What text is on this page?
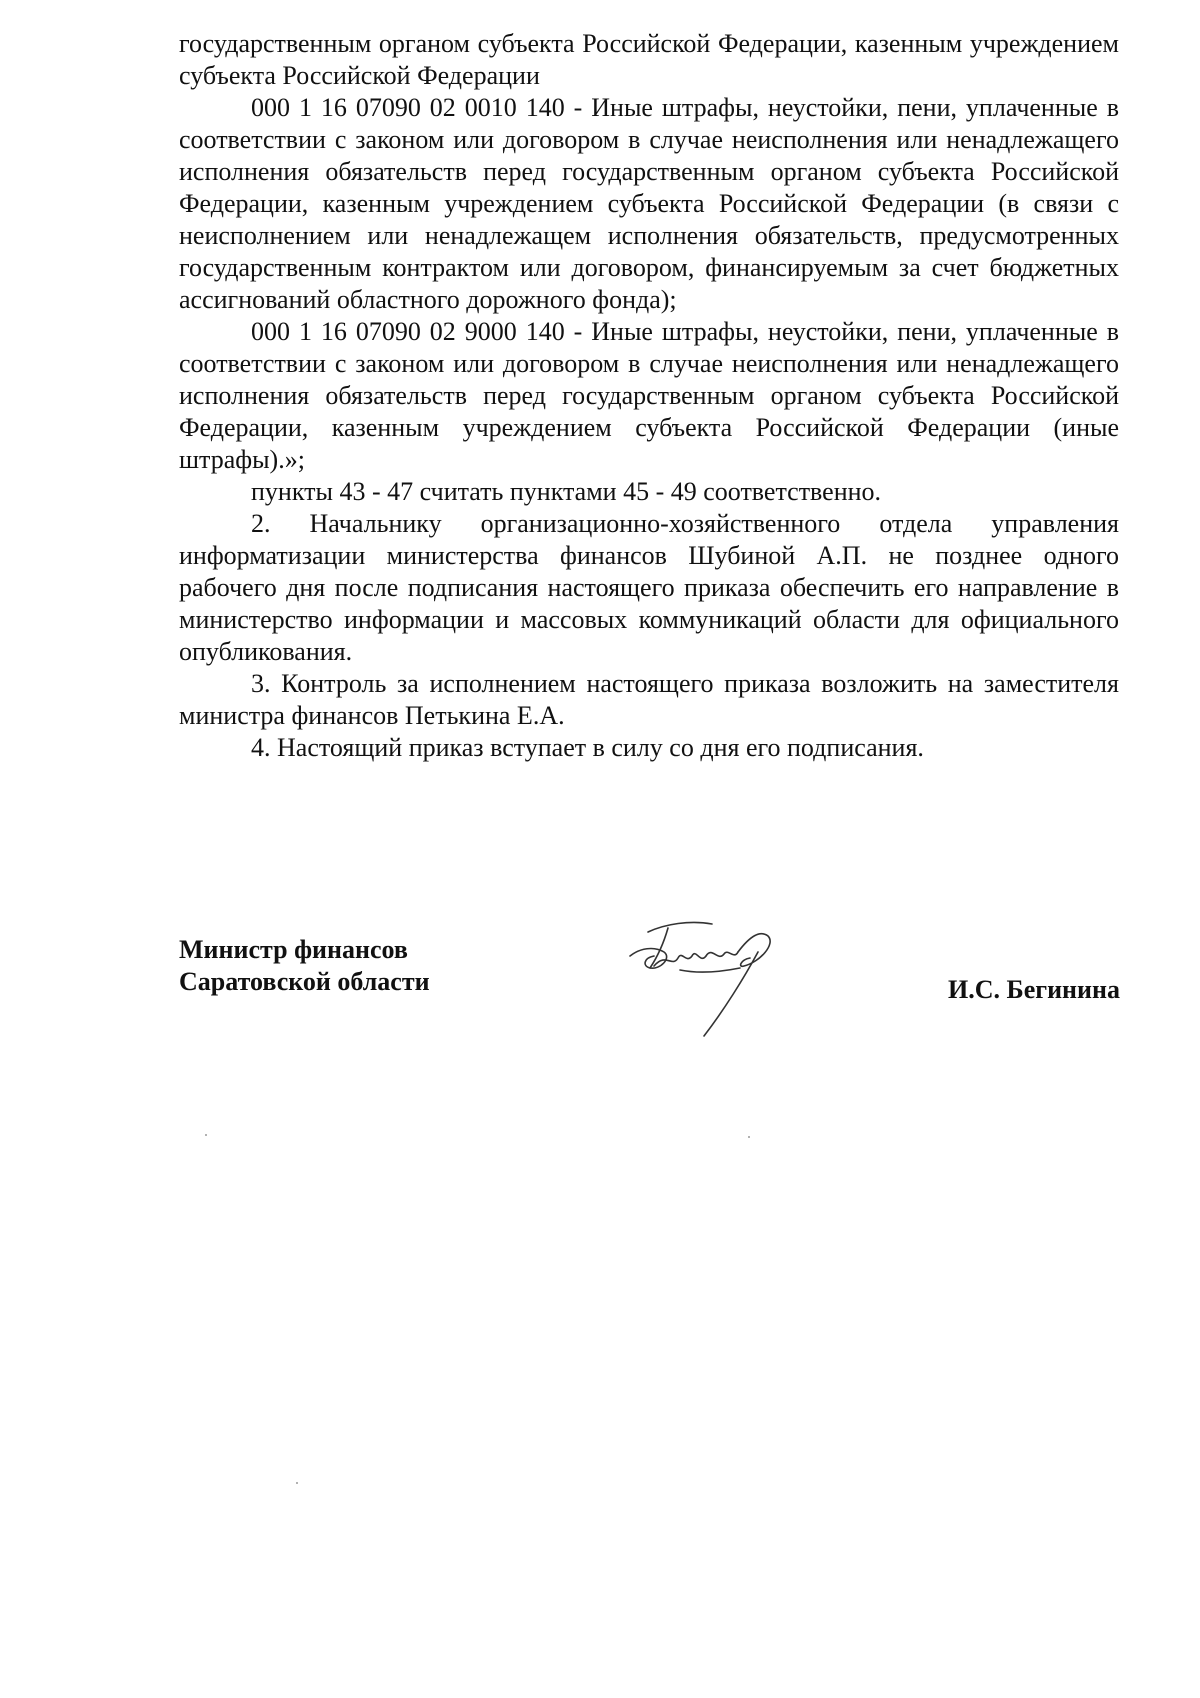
государственным органом субъекта Российской Федерации, казенным учреждением субъекта Российской Федерации

000 1 16 07090 02 0010 140 - Иные штрафы, неустойки, пени, уплаченные в соответствии с законом или договором в случае неисполнения или ненадлежащего исполнения обязательств перед государственным органом субъекта Российской Федерации, казенным учреждением субъекта Российской Федерации (в связи с неисполнением или ненадлежащем исполнения обязательств, предусмотренных государственным контрактом или договором, финансируемым за счет бюджетных ассигнований областного дорожного фонда);

000 1 16 07090 02 9000 140 - Иные штрафы, неустойки, пени, уплаченные в соответствии с законом или договором в случае неисполнения или ненадлежащего исполнения обязательств перед государственным органом субъекта Российской Федерации, казенным учреждением субъекта Российской Федерации (иные штрафы).»;

пункты 43 - 47 считать пунктами 45 - 49 соответственно.

2. Начальнику организационно-хозяйственного отдела управления информатизации министерства финансов Шубиной А.П. не позднее одного рабочего дня после подписания настоящего приказа обеспечить его направление в министерство информации и массовых коммуникаций области для официального опубликования.

3. Контроль за исполнением настоящего приказа возложить на заместителя министра финансов Петькина Е.А.

4. Настоящий приказ вступает в силу со дня его подписания.

Министр финансов
Саратовской области	И.С. Бегинина
